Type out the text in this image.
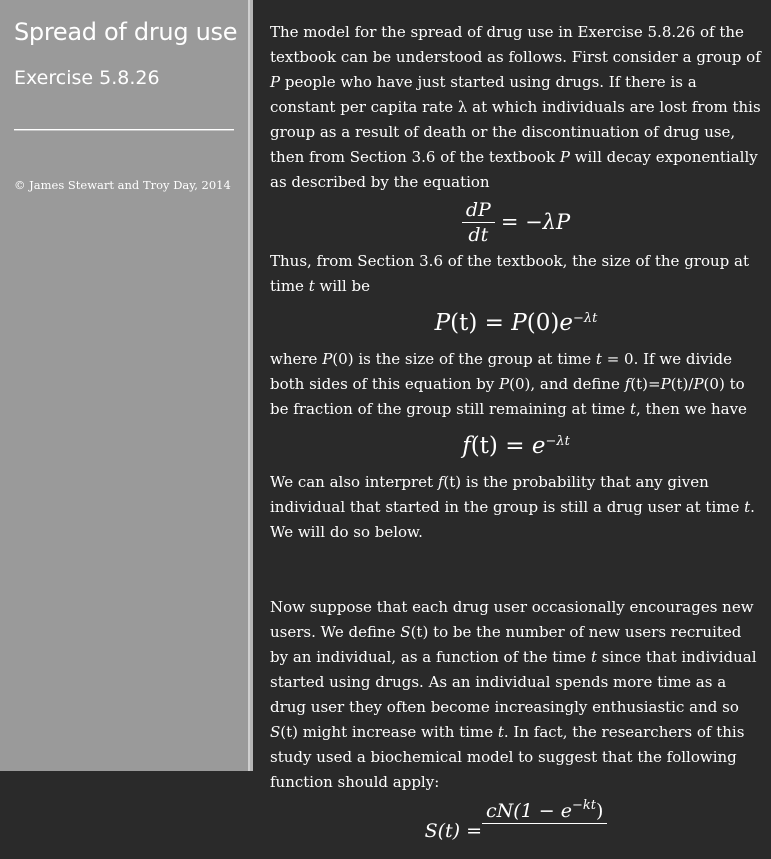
Spread of drug use
Exercise 5.8.26
© James Stewart and Troy Day, 2014

The model for the spread of drug use in Exercise 5.8.26 of the textbook can be understood as follows. First consider a group of P people who have just started using drugs. If there is a constant per capita rate λ at which individuals are lost from this group as a result of death or the discontinuation of drug use, then from Section 3.6 of the textbook P will decay exponentially as described by the equation

$\frac{dP}{dt} = -\lambda P$

Thus, from Section 3.6 of the textbook, the size of the group at time t will be

$P(t) = P(0)e^{-\lambda t}$

where P(0) is the size of the group at time t = 0. If we divide both sides of this equation by P(0), and define f(t)=P(t)/P(0) to be fraction of the group still remaining at time t, then we have

$f(t) = e^{-\lambda t}$

We can also interpret f(t) is the probability that any given individual that started in the group is still a drug user at time t. We will do so below.

Now suppose that each drug user occasionally encourages new users. We define S(t) to be the number of new users recruited by an individual, as a function of the time t since that individual started using drugs. As an individual spends more time as a drug user they often become increasingly enthusiastic and so S(t) might increase with time t. In fact, the researchers of this study used a biochemical model to suggest that the following function should apply:

S(t) =
$cN(1 - e^{-kt})$
